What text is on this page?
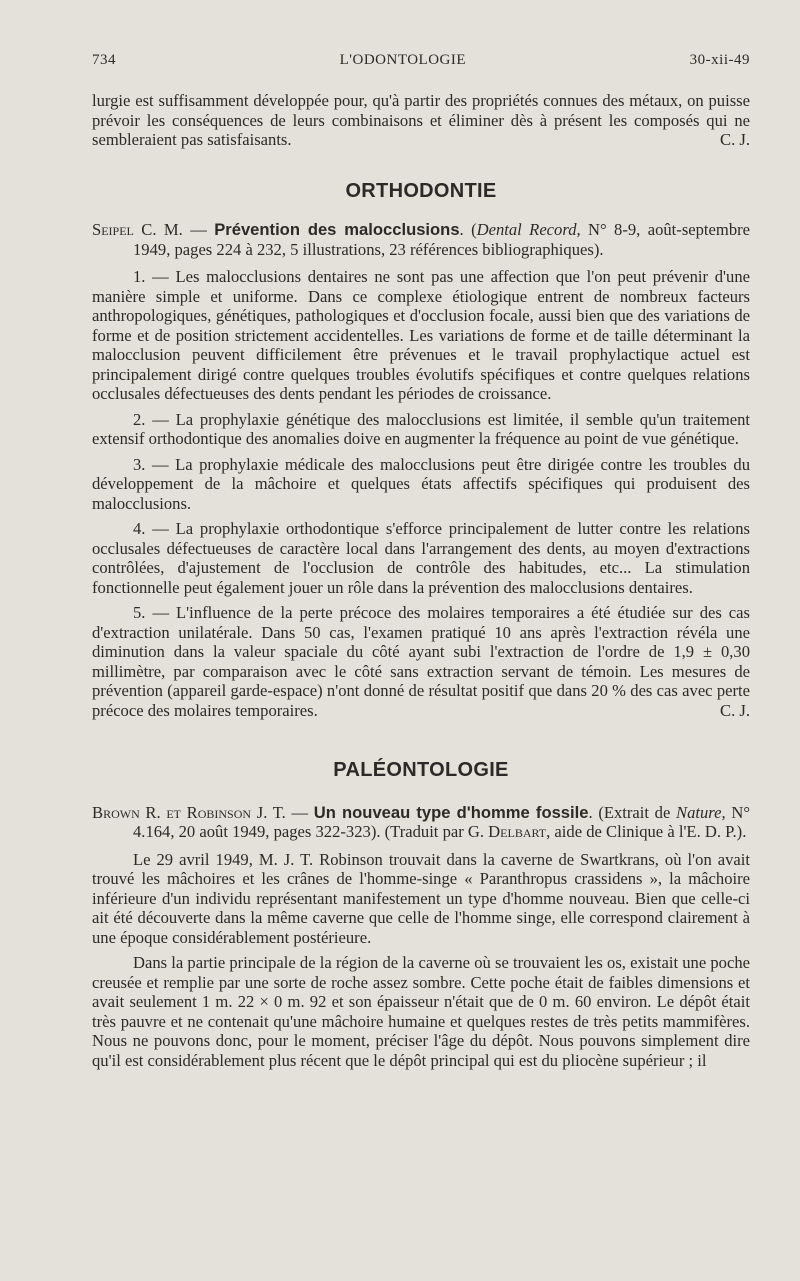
734	L'ODONTOLOGIE	30-xii-49

lurgie est suffisamment développée pour, qu'à partir des propriétés connues des métaux, on puisse prévoir les conséquences de leurs combinaisons et éliminer dès à présent les composés qui ne sembleraient pas satisfaisants.	C. J.

ORTHODONTIE

Seipel C. M. — Prévention des malocclusions. (Dental Record, N° 8-9, août-septembre 1949, pages 224 à 232, 5 illustrations, 23 références bibliographiques).

1. — Les malocclusions dentaires ne sont pas une affection que l'on peut prévenir d'une manière simple et uniforme. Dans ce complexe étiologique entrent de nombreux facteurs anthropologiques, génétiques, pathologiques et d'occlusion focale, aussi bien que des variations de forme et de position strictement accidentelles. Les variations de forme et de taille déterminant la malocclusion peuvent difficilement être prévenues et le travail prophylactique actuel est principalement dirigé contre quelques troubles évolutifs spécifiques et contre quelques relations occlusales défectueuses des dents pendant les périodes de croissance.

2. — La prophylaxie génétique des malocclusions est limitée, il semble qu'un traitement extensif orthodontique des anomalies doive en augmenter la fréquence au point de vue génétique.

3. — La prophylaxie médicale des malocclusions peut être dirigée contre les troubles du développement de la mâchoire et quelques états affectifs spécifiques qui produisent des malocclusions.

4. — La prophylaxie orthodontique s'efforce principalement de lutter contre les relations occlusales défectueuses de caractère local dans l'arrangement des dents, au moyen d'extractions contrôlées, d'ajustement de l'occlusion de contrôle des habitudes, etc... La stimulation fonctionnelle peut également jouer un rôle dans la prévention des malocclusions dentaires.

5. — L'influence de la perte précoce des molaires temporaires a été étudiée sur des cas d'extraction unilatérale. Dans 50 cas, l'examen pratiqué 10 ans après l'extraction révéla une diminution dans la valeur spaciale du côté ayant subi l'extraction de l'ordre de 1,9 ± 0,30 millimètre, par comparaison avec le côté sans extraction servant de témoin. Les mesures de prévention (appareil garde-espace) n'ont donné de résultat positif que dans 20 % des cas avec perte précoce des molaires temporaires.	C. J.

PALÉONTOLOGIE

Brown R. et Robinson J. T. — Un nouveau type d'homme fossile. (Extrait de Nature, N° 4.164, 20 août 1949, pages 322-323). (Traduit par G. Delbart, aide de Clinique à l'E. D. P.).

Le 29 avril 1949, M. J. T. Robinson trouvait dans la caverne de Swartkrans, où l'on avait trouvé les mâchoires et les crânes de l'homme-singe « Paranthropus crassidens », la mâchoire inférieure d'un individu représentant manifestement un type d'homme nouveau. Bien que celle-ci ait été découverte dans la même caverne que celle de l'homme singe, elle correspond clairement à une époque considérablement postérieure.

Dans la partie principale de la région de la caverne où se trouvaient les os, existait une poche creusée et remplie par une sorte de roche assez sombre. Cette poche était de faibles dimensions et avait seulement 1 m. 22 × 0 m. 92 et son épaisseur n'était que de 0 m. 60 environ. Le dépôt était très pauvre et ne contenait qu'une mâchoire humaine et quelques restes de très petits mammifères. Nous ne pouvons donc, pour le moment, préciser l'âge du dépôt. Nous pouvons simplement dire qu'il est considérablement plus récent que le dépôt principal qui est du pliocène supérieur ; il
